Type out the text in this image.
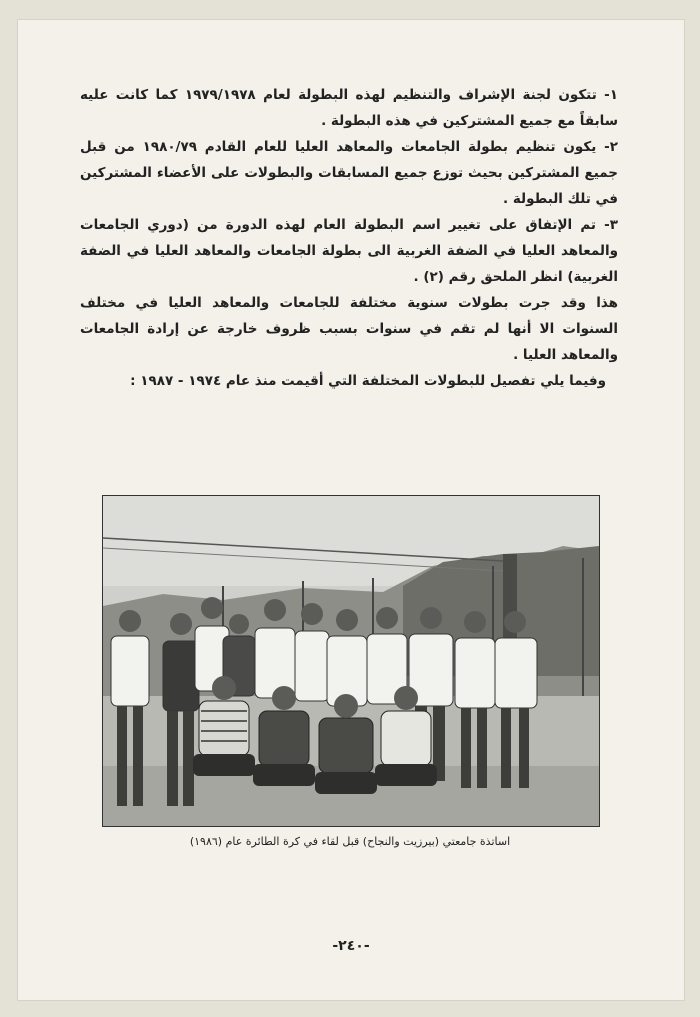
١- تتكون لجنة الإشراف والتنظيم لهذه البطولة لعام ١٩٧٩/١٩٧٨ كما كانت عليه سابقاً مع جميع المشتركين في هذه البطولة .

٢- يكون تنظيم بطولة الجامعات والمعاهد العليا للعام القادم ١٩٨٠/٧٩ من قبل جميع المشتركين بحيث توزع جميع المسابقات والبطولات على الأعضاء المشتركين في تلك البطولة .

٣- تم الإتفاق على تغيير اسم البطولة العام لهذه الدورة من (دوري الجامعات والمعاهد العليا في الضفة الغربية الى بطولة الجامعات والمعاهد العليا في الضفة الغربية) انظر الملحق رقم (٢) .

هذا وقد جرت بطولات سنوية مختلفة للجامعات والمعاهد العليا في مختلف السنوات الا أنها لم تقم في سنوات بسبب ظروف خارجة عن إرادة الجامعات والمعاهد العليا .

وفيما يلي تفصيل للبطولات المختلفة التي أقيمت منذ عام ١٩٧٤ - ١٩٨٧ :

اساتذة جامعتي (بيرزيت والنجاح) قبل لقاء في كرة الطائرة عام (١٩٨٦)
-٢٤٠-
